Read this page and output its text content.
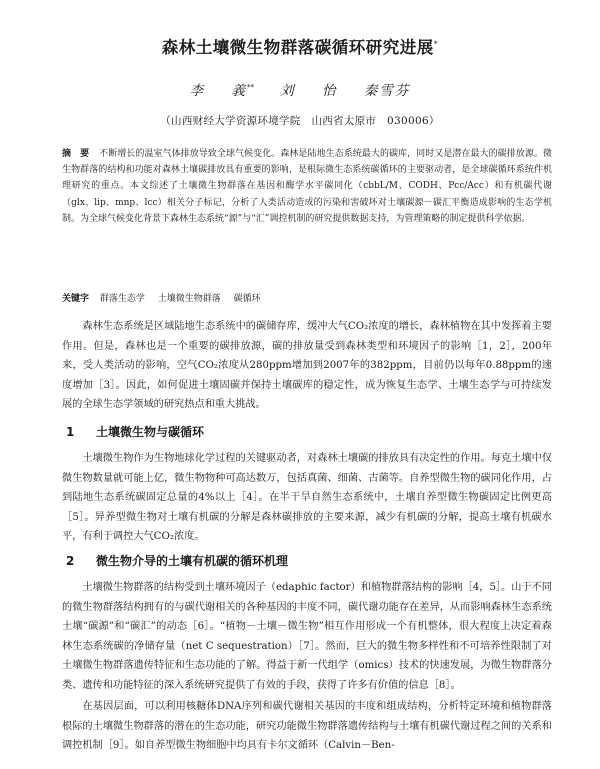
森林土壤微生物群落碳循环研究进展*
李 義** 刘 怡 秦雪芬
（山西财经大学资源环境学院　山西省太原市　030006）
摘　要 不断增长的温室气体排放导致全球气候变化。森林是陆地生态系统最大的碳库，同时又是潜在最大的碳排放源。微生物群落的结构和功能对森林土壤碳排放具有重要的影响，是根际微生态系统碳循环的主要驱动者，是全球碳循环系统件机理研究的重点。本文综述了土壤微生物群落在基因和酶学水平碳同化（cbbL/M、CODH、Pcc/Acc）和有机碳代谢（glx、lip、mnp、lcc）相关分子标记，分析了人类活动造成的污染和害破坏对土壤碳源－碳汇平衡造成影响的生态学机制。为全球气候变化背景下森林生态系统“源”与“汇”调控机制的研究提供数据支持，为管理策略的制定提供科学依据。
关键字 群落生态学 土壤微生物群落 碳循环
森林生态系统是区域陆地生态系统中的碳储存库，缓冲大气CO₂浓度的增长，森林植物在其中发挥着主要作用。但是，森林也是一个重要的碳排放源，碳的排放量受到森林类型和环境因子的影响［1，2］，200年来，受人类活动的影响，空气CO₂浓度从280ppm增加到2007年的382ppm，目前仍以每年0.88ppm的速度增加［3］。因此，如何促进土壤固碳并保持土壤碳库的稳定性，成为恢复生态学、土壤生态学与可持续发展的全球生态学领域的研究热点和重大挑战。
1 土壤微生物与碳循环
土壤微生物作为生物地球化学过程的关键驱动者，对森林土壤碳的排放具有决定性的作用。每克土壤中仅微生物数量就可能上亿，微生物物种可高达数万，包括真菌、细菌、古菌等。自养型微生物的碳同化作用，占到陆地生态系统碳固定总量的4%以上［4］。在半干旱自然生态系统中，土壤自养型微生物碳固定比例更高［5］。异养型微生物对土壤有机碳的分解是森林碳排放的主要来源，减少有机碳的分解，提高土壤有机碳水平，有利于调控大气CO₂浓度。
2 微生物介导的土壤有机碳的循环机理
土壤微生物群落的结构受到土壤环境因子（edaphic factor）和植物群落结构的影响［4，5］。山于不同的微生物群落结构拥有的与碳代谢相关的各种基因的丰度不同，碳代谢功能存在差异，从而影响森林生态系统土壤“碳源”和“碳汇”的动态［6］。“植物－土壤－微生物”相互作用形成一个有机整体，很大程度上决定着森林生态系统碳的净储存量（net C sequestration）［7］。然而，巨大的微生物多样性和不可培养性限制了对土壤微生物群落遗传特征和生态功能的了解。得益于新一代组学（omics）技术的快速发展，为微生物群落分类、遗传和功能特征的深入系统研究提供了有效的手段，获得了许多有价值的信息［8］。
在基因层面，可以利用核糖体DNA序列和碳代谢相关基因的丰度和组成结构，分析特定环境和植物群落根际的土壤微生物群落的潜在的生态功能，研究功能微生物群落遗传结构与土壤有机碳代谢过程之间的关系和调控机制［9］。如自养型微生物细胞中均具有卡尔文循环（Calvin－Ben-
